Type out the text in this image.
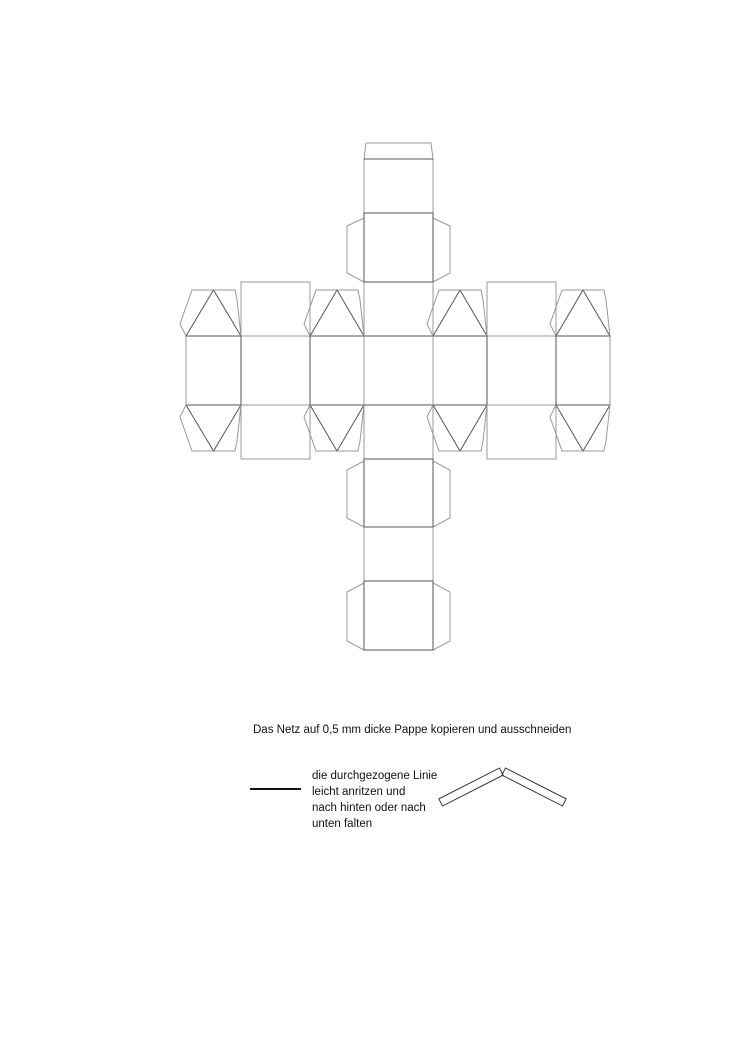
Das Netz auf 0,5 mm dicke Pappe kopieren und ausschneiden
die durchgezogene Linie
leicht anritzen und
nach hinten oder nach
unten falten
